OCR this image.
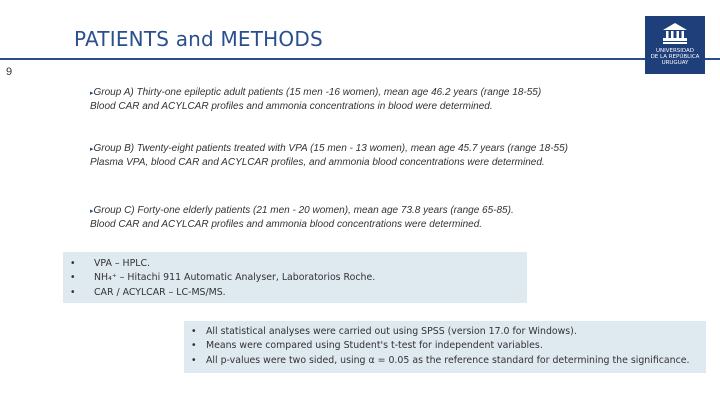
PATIENTS and METHODS
9
UNIVERSIDAD
DE LA REPÚBLICA
URUGUAY
▸Group A) Thirty-one epileptic adult patients (15 men -16 women), mean age 46.2 years (range 18-55)
Blood CAR and ACYLCAR profiles and ammonia concentrations in blood were determined.
▸Group B) Twenty-eight patients treated with VPA (15 men - 13 women), mean age 45.7 years (range 18-55)
Plasma VPA, blood CAR and ACYLCAR profiles, and ammonia blood concentrations were determined.
▸Group C) Forty-one elderly patients (21 men - 20 women), mean age 73.8 years (range 65-85).
Blood CAR and ACYLCAR profiles and ammonia blood concentrations were determined.
• VPA – HPLC.
• NH₄⁺ – Hitachi 911 Automatic Analyser, Laboratorios Roche.
• CAR / ACYLCAR – LC-MS/MS.
• All statistical analyses were carried out using SPSS (version 17.0 for Windows).
• Means were compared using Student's t-test for independent variables.
• All p-values were two sided, using α = 0.05 as the reference standard for determining the significance.
